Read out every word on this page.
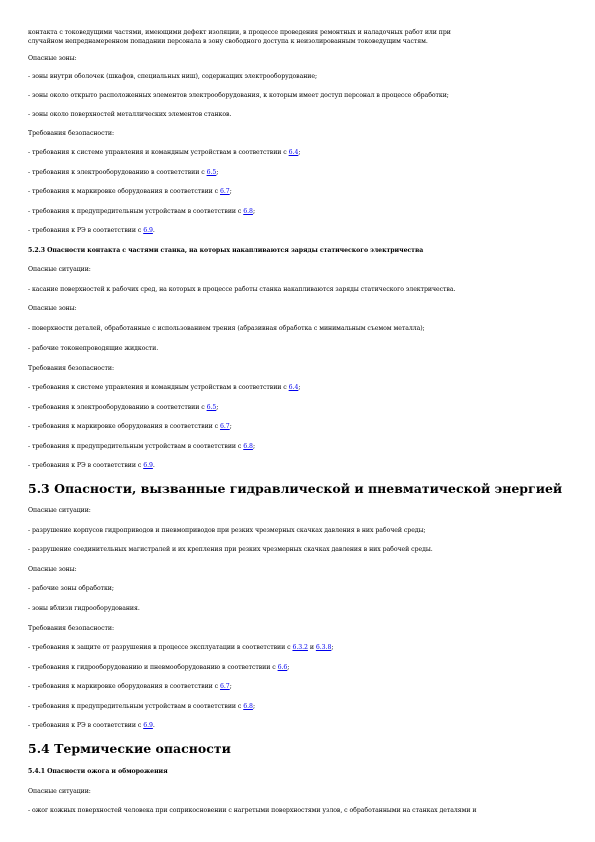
контакта с токоведущими частями, имеющими дефект изоляции, в процессе проведения ремонтных и наладочных работ или при
случайном непреднамеренном попадании персонала в зону свободного доступа к неизолированным токоведущим частям.
Опасные зоны:
- зоны внутри оболочек (шкафов, специальных ниш), содержащих электрооборудование;
- зоны около открыто расположенных элементов электрооборудования, к которым имеет доступ персонал в процессе обработки;
- зоны около поверхностей металлических элементов станков.
Требования безопасности:
- требования к системе управления и командным устройствам в соответствии с 6.4;
- требования к электрооборудованию в соответствии с 6.5;
- требования к маркировке оборудования в соответствии с 6.7;
- требования к предупредительным устройствам в соответствии с 6.8;
- требования к РЭ в соответствии с 6.9.
5.2.3 Опасности контакта с частями станка, на которых накапливаются заряды статического электричества
Опасные ситуации:
- касание поверхностей к рабочих сред, на которых в процессе работы станка накапливаются заряды статического электричества.
Опасные зоны:
- поверхности деталей, обработанные с использованием трения (абразивная обработка с минимальным съемом металла);
- рабочие токонепроводящие жидкости.
Требования безопасности:
- требования к системе управления и командным устройствам в соответствии с 6.4;
- требования к электрооборудованию в соответствии с 6.5;
- требования к маркировке оборудования в соответствии с 6.7;
- требования к предупредительным устройствам в соответствии с 6.8;
- требования к РЭ в соответствии с 6.9.
5.3 Опасности, вызванные гидравлической и пневматической энергией
Опасные ситуации:
- разрушение корпусов гидроприводов и пневмоприводов при резких чрезмерных скачках давления в них рабочей среды;
- разрушение соединительных магистралей и их крепления при резких чрезмерных скачках давления в них рабочей среды.
Опасные зоны:
- рабочие зоны обработки;
- зоны вблизи гидрооборудования.
Требования безопасности:
- требования к защите от разрушения в процессе эксплуатации в соответствии с 6.3.2 и 6.3.8;
- требования к гидрооборудованию и пневмооборудованию в соответствии с 6.6;
- требования к маркировке оборудования в соответствии с 6.7;
- требования к предупредительным устройствам в соответствии с 6.8;
- требования к РЭ в соответствии с 6.9.
5.4 Термические опасности
5.4.1 Опасности ожога и обморожения
Опасные ситуации:
- ожог кожных поверхностей человека при соприкосновении с нагретыми поверхностями узлов, с обработанными на станках деталями и
